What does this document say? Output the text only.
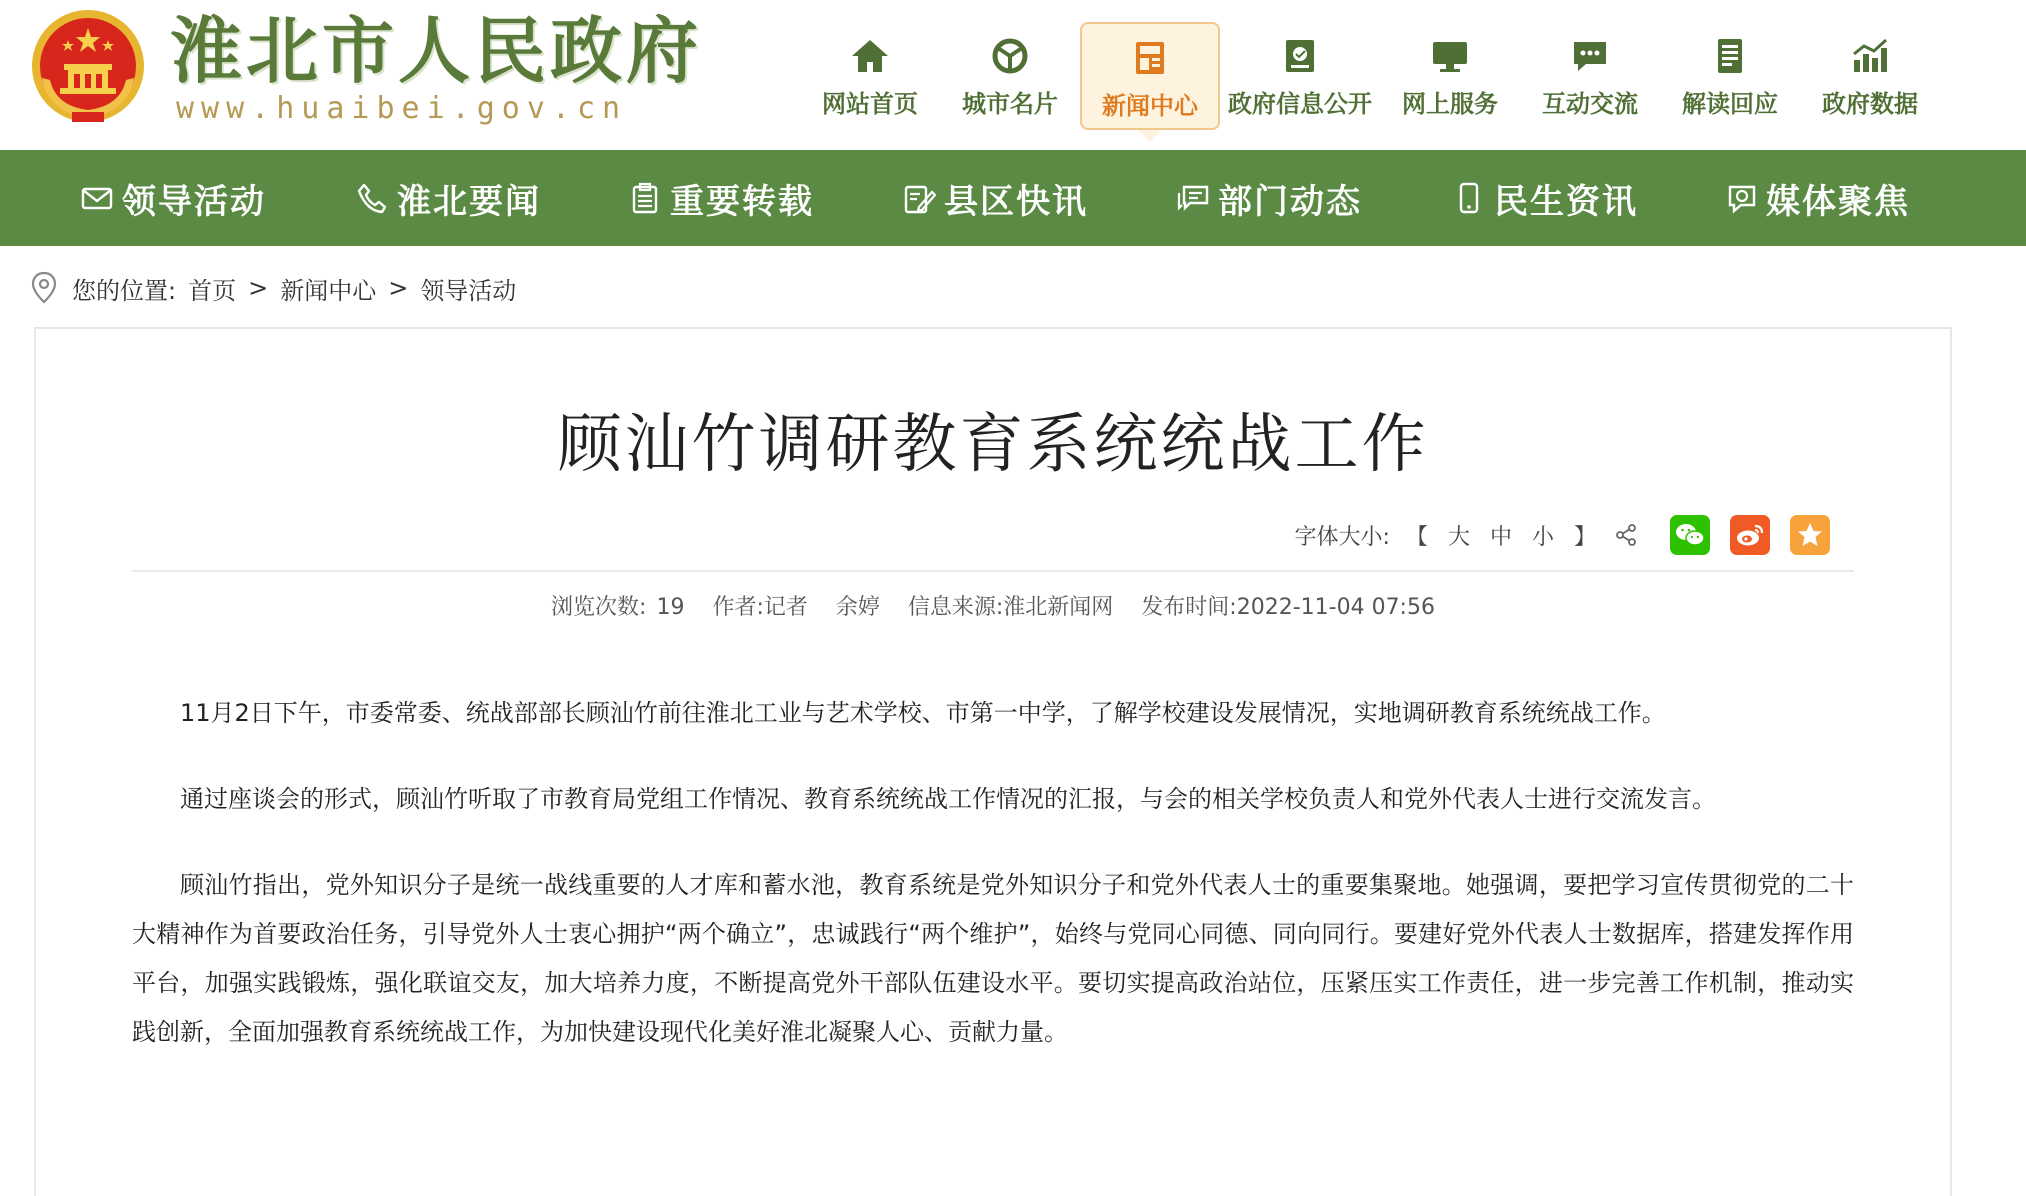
淮北市人民政府
www.huaibei.gov.cn	网站首页 城市名片 新闻中心 政府信息公开 网上服务 互动交流 解读回应 政府数据
领导活动	淮北要闻	重要转载	县区快讯	部门动态	民生资讯	媒体聚焦
您的位置: 首页 > 新闻中心 > 领导活动
顾汕竹调研教育系统统战工作
字体大小: 【 大 中 小 】
浏览次数: 19 作者:记者    余婷 信息来源:淮北新闻网 发布时间:2022-11-04 07:56

11月2日下午，市委常委、统战部部长顾汕竹前往淮北工业与艺术学校、市第一中学，了解学校建设发展情况，实地调研教育系统统战工作。

通过座谈会的形式，顾汕竹听取了市教育局党组工作情况、教育系统统战工作情况的汇报，与会的相关学校负责人和党外代表人士进行交流发言。

顾汕竹指出，党外知识分子是统一战线重要的人才库和蓄水池，教育系统是党外知识分子和党外代表人士的重要集聚地。她强调，要把学习宣传贯彻党的二十大精神作为首要政治任务，引导党外人士衷心拥护“两个确立”，忠诚践行“两个维护”，始终与党同心同德、同向同行。要建好党外代表人士数据库，搭建发挥作用平台，加强实践锻炼，强化联谊交友，加大培养力度，不断提高党外干部队伍建设水平。要切实提高政治站位，压紧压实工作责任，进一步完善工作机制，推动实践创新，全面加强教育系统统战工作，为加快建设现代化美好淮北凝聚人心、贡献力量。
